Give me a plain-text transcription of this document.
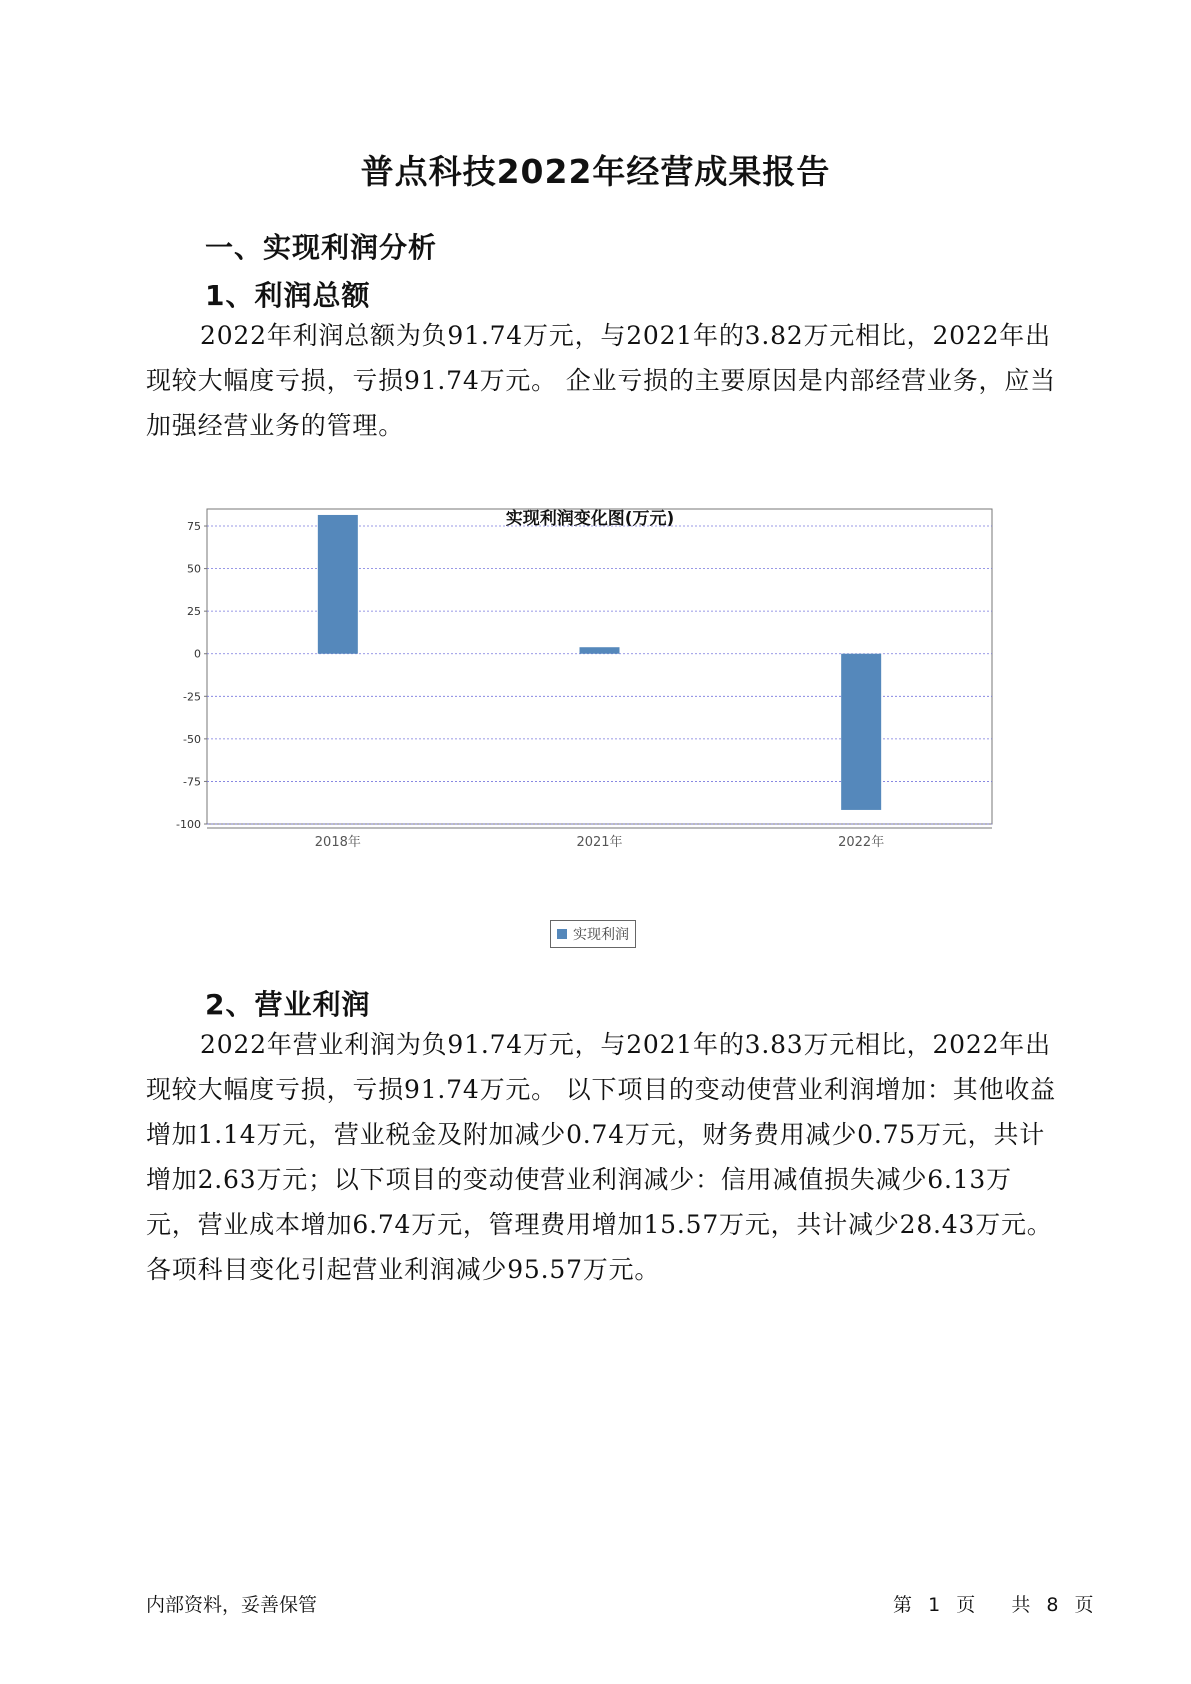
普点科技2022年经营成果报告
一、实现利润分析
1、利润总额

2022年利润总额为负91.74万元，与2021年的3.82万元相比，2022年出现较大幅度亏损，亏损91.74万元。 企业亏损的主要原因是内部经营业务，应当加强经营业务的管理。

实现利润变化图(万元)
75
50
25
0
-25
-50
-75
-100
2018年	2021年	2022年
实现利润
2、营业利润

2022年营业利润为负91.74万元，与2021年的3.83万元相比，2022年出现较大幅度亏损，亏损91.74万元。 以下项目的变动使营业利润增加：其他收益增加1.14万元，营业税金及附加减少0.74万元，财务费用减少0.75万元，共计增加2.63万元；以下项目的变动使营业利润减少：信用减值损失减少6.13万元，营业成本增加6.74万元，管理费用增加15.57万元，共计减少28.43万元。各项科目变化引起营业利润减少95.57万元。

内部资料，妥善保管	第 1 页 共 8 页
